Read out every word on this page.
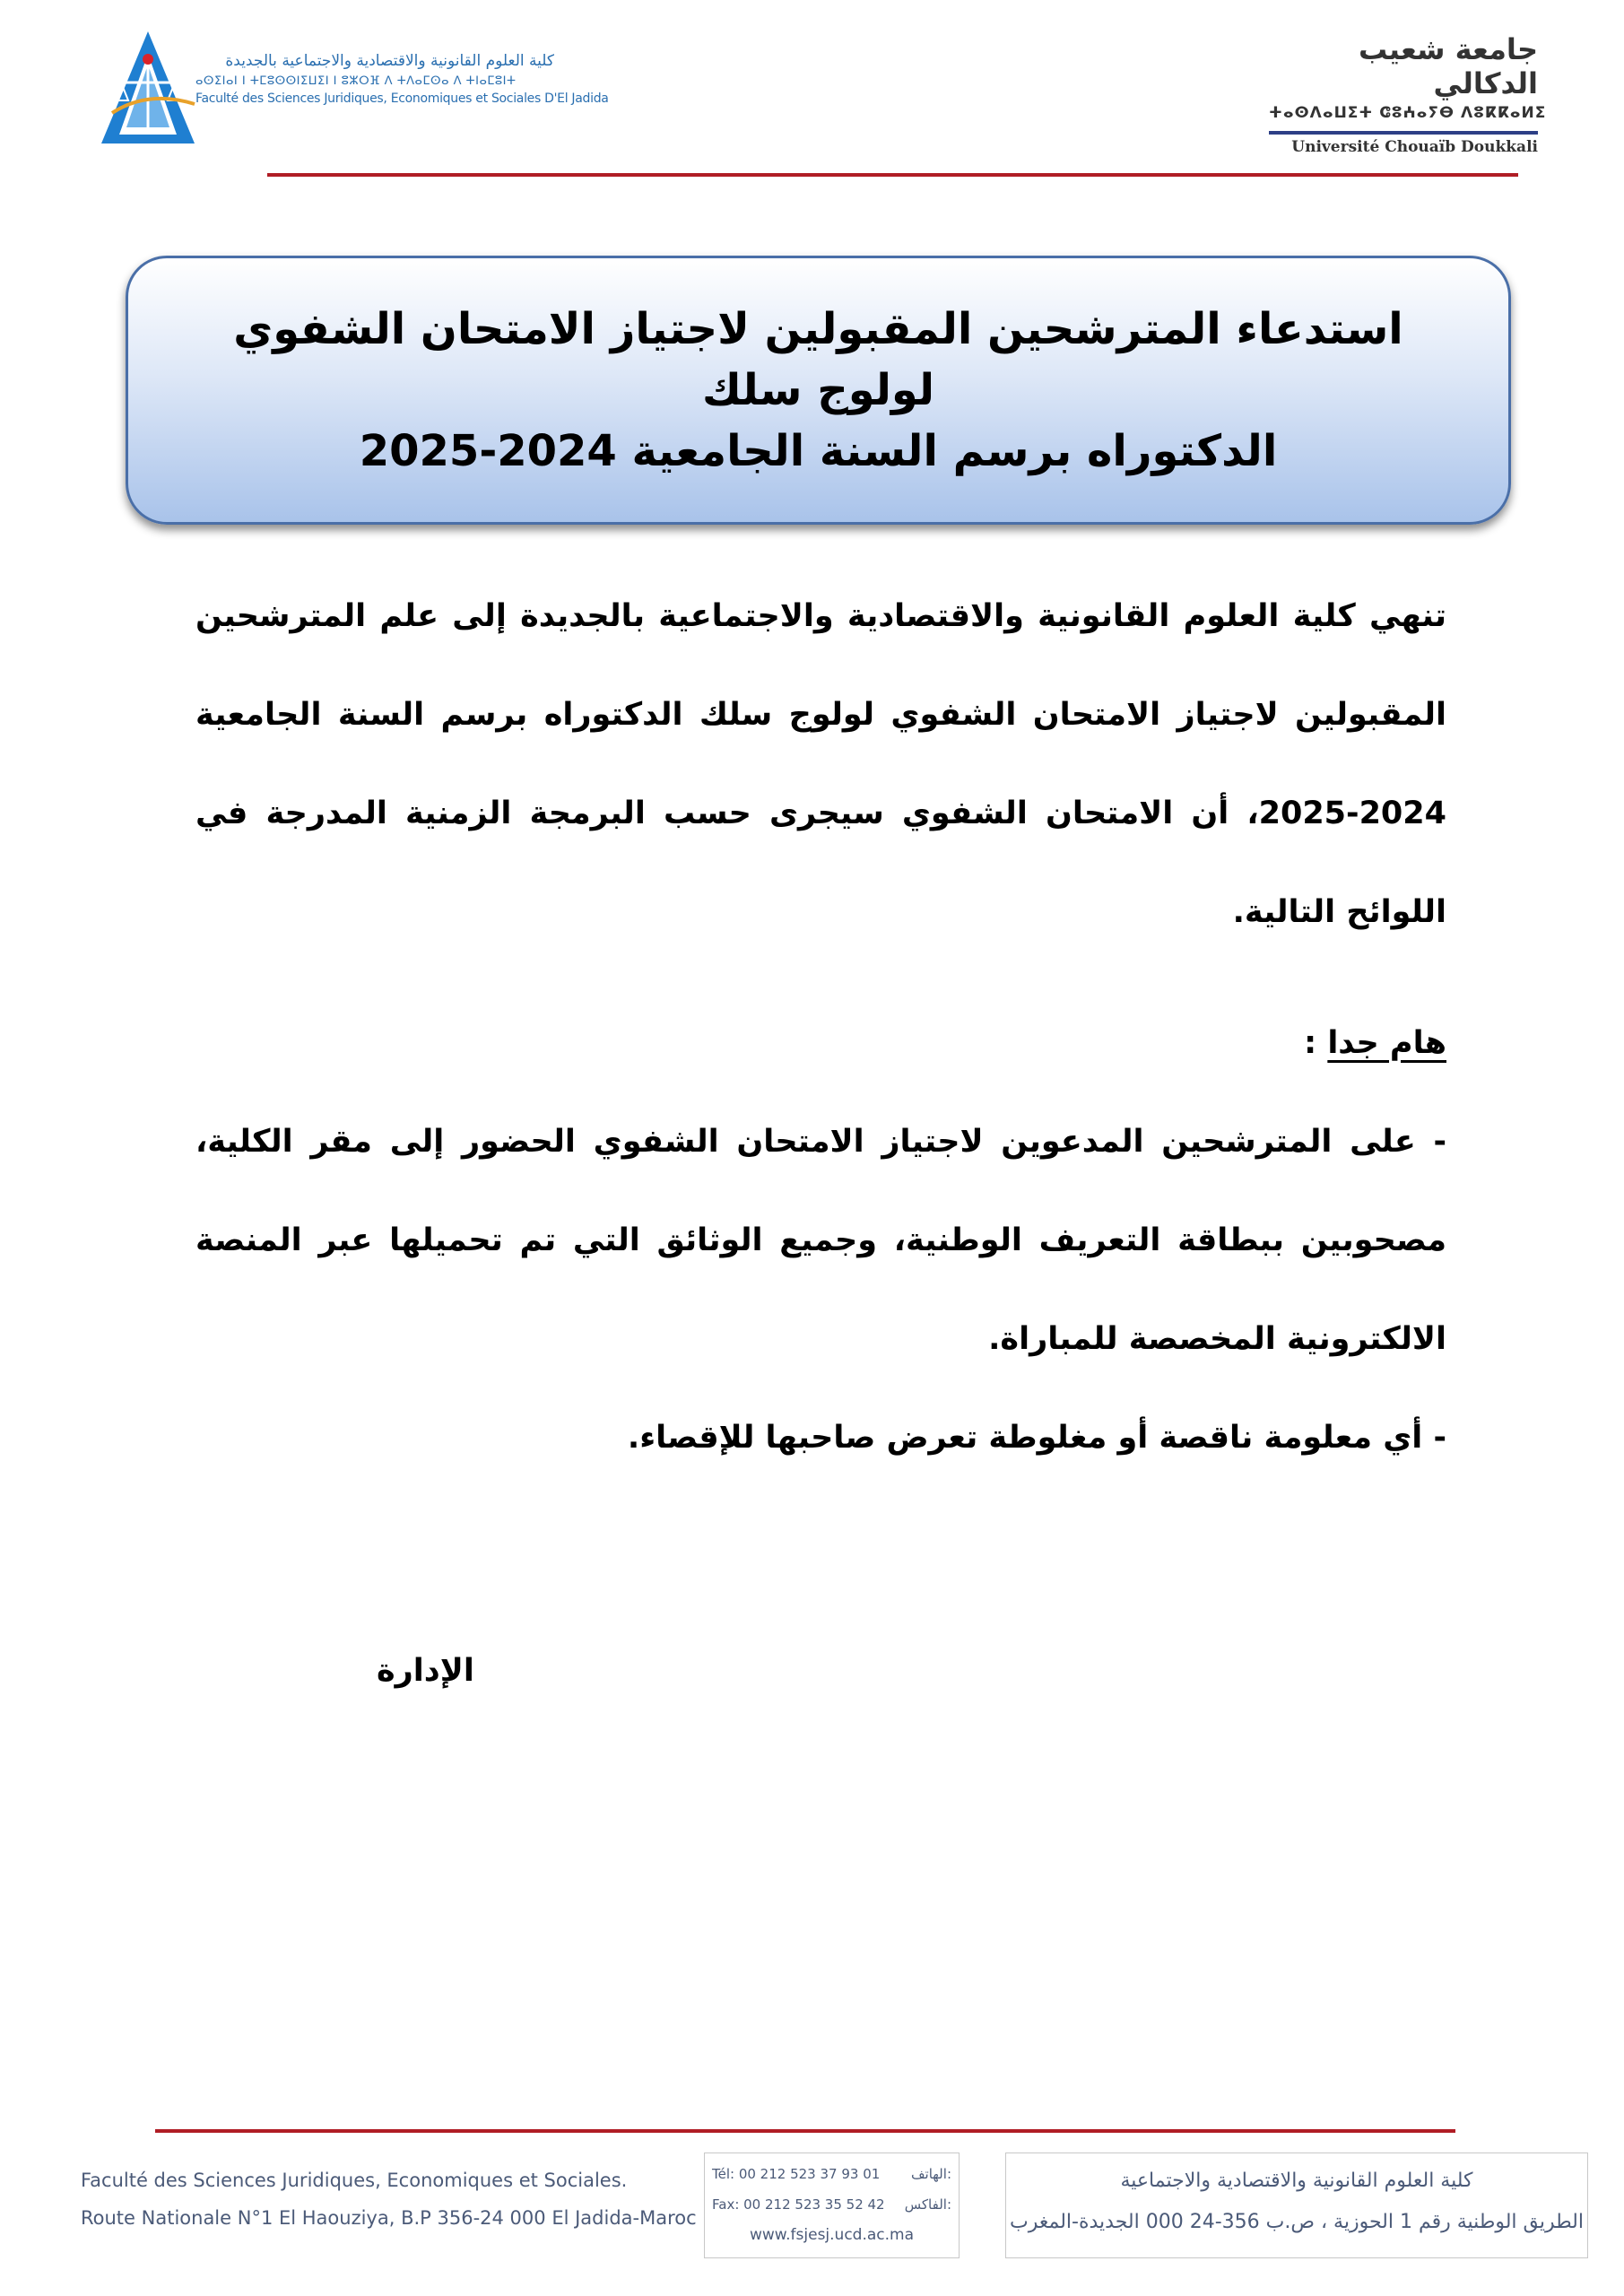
كلية العلوم القانونية والاقتصادية والاجتماعية بالجديدة
ⴰⵙⵉⵏⴰⵏ ⵏ ⵜⵎⵓⵙⵙⵏⵉⵡⵉⵏ ⵏ ⵓⵣⵔⴼ ⴷ ⵜⴷⴰⵎⵙⴰ ⴷ ⵜⵏⴰⵎⵓⵏⵜ
Faculté des Sciences Juridiques, Economiques et Sociales D'El Jadida
جامعة شعيب الدكالي
ⵜⴰⵙⴷⴰⵡⵉⵜ ⵛⵓⵄⴰⵢⴱ ⴷⵓⴽⴽⴰⵍⵉ
Université Chouaïb Doukkali
استدعاء المترشحين المقبولين لاجتياز الامتحان الشفوي لولوج سلك
الدكتوراه برسم السنة الجامعية 2025-2024
تنهي كلية العلوم القانونية والاقتصادية والاجتماعية بالجديدة إلى علم المترشحين المقبولين لاجتياز الامتحان الشفوي لولوج سلك الدكتوراه برسم السنة الجامعية 2024-2025، أن الامتحان الشفوي سيجرى حسب البرمجة الزمنية المدرجة في اللوائح التالية.
هام جدا :
- على المترشحين المدعوين لاجتياز الامتحان الشفوي الحضور إلى مقر الكلية، مصحوبين ببطاقة التعريف الوطنية، وجميع الوثائق التي تم تحميلها عبر المنصة الالكترونية المخصصة للمباراة.
- أي معلومة ناقصة أو مغلوطة تعرض صاحبها للإقصاء.
الإدارة
Faculté des Sciences Juridiques, Economiques et Sociales.
Route Nationale N°1 El Haouziya, B.P 356-24 000 El Jadida-Maroc
Tél: 00 212 523 37 93 01 الهاتف:
Fax: 00 212 523 35 52 42 الفاكس:
www.fsjesj.ucd.ac.ma
كلية العلوم القانونية والاقتصادية والاجتماعية
الطريق الوطنية رقم 1 الحوزية ، ص.ب 356-24 000 الجديدة-المغرب
